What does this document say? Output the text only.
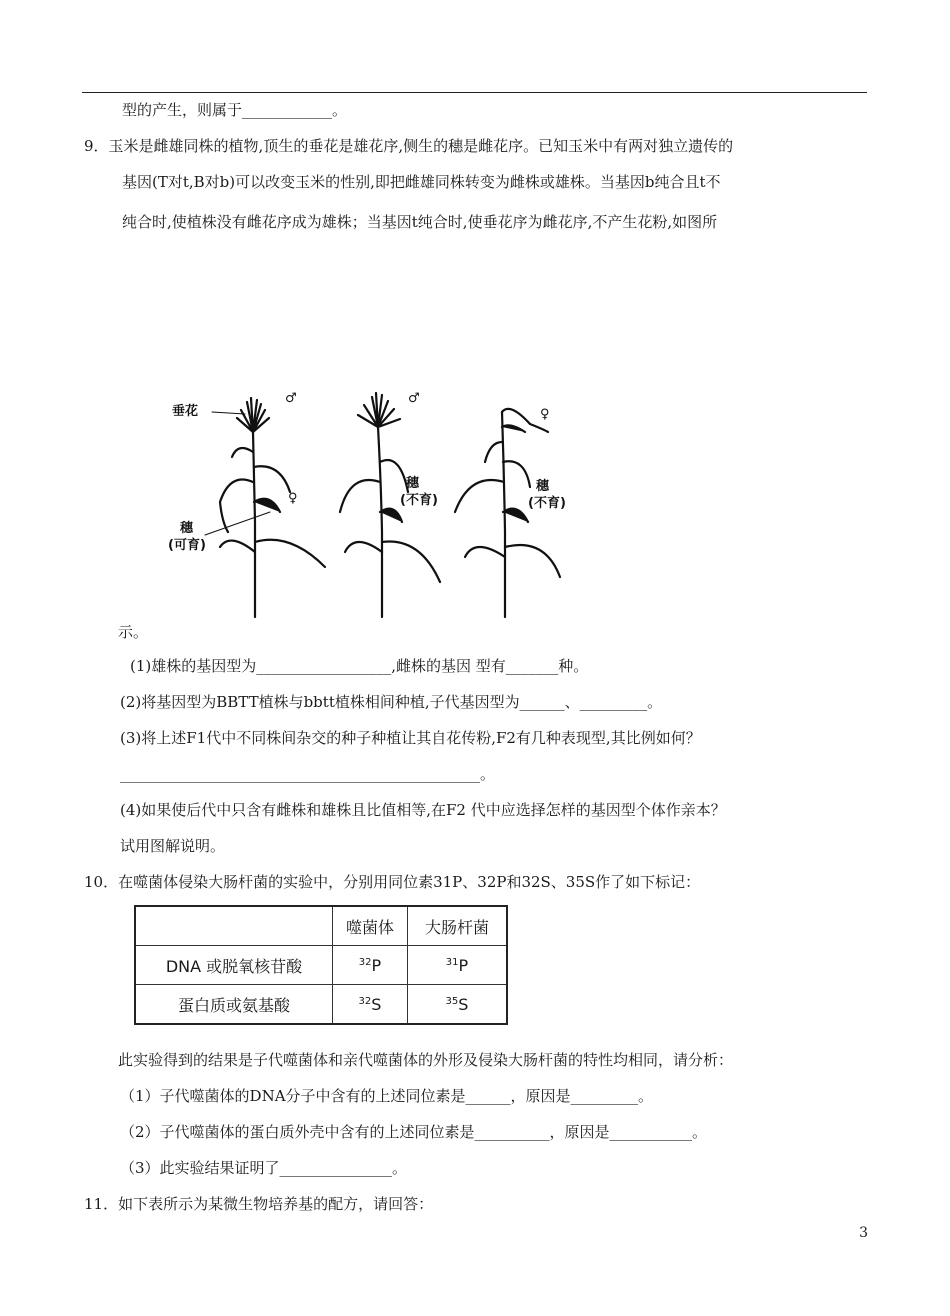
型的产生，则属于____________。
9．玉米是雌雄同株的植物,顶生的垂花是雄花序,侧生的穗是雌花序。已知玉米中有两对独立遗传的
基因(T对t,B对b)可以改变玉米的性别,即把雌雄同株转变为雌株或雄株。当基因b纯合且t不
纯合时,使植株没有雌花序成为雄株；当基因t纯合时,使垂花序为雌花序,不产生花粉,如图所
垂花
♂
♀
穗
(可育)
♂
穗
(不育)
♀
穗
(不育)
示。
(1)雄株的基因型为__________________,雌株的基因 型有_______种。
(2)将基因型为BBTT植株与bbtt植株相间种植,子代基因型为______、_________。
(3)将上述F1代中不同株间杂交的种子种植让其自花传粉,F2有几种表现型,其比例如何？
________________________________________________。
(4)如果使后代中只含有雌株和雄株且比值相等,在F2 代中应选择怎样的基因型个体作亲本？
试用图解说明。
10．在噬菌体侵染大肠杆菌的实验中，分别用同位素31P、32P和32S、35S作了如下标记：
	噬菌体	大肠杆菌
DNA 或脱氧核苷酸	$^{32}$P	$^{31}$P
蛋白质或氨基酸	$^{32}$S	$^{35}$S
此实验得到的结果是子代噬菌体和亲代噬菌体的外形及侵染大肠杆菌的特性均相同，请分析：
（1）子代噬菌体的DNA分子中含有的上述同位素是______，原因是_________。
（2）子代噬菌体的蛋白质外壳中含有的上述同位素是__________，原因是___________。
（3）此实验结果证明了_______________。
11．如下表所示为某微生物培养基的配方，请回答：
3
